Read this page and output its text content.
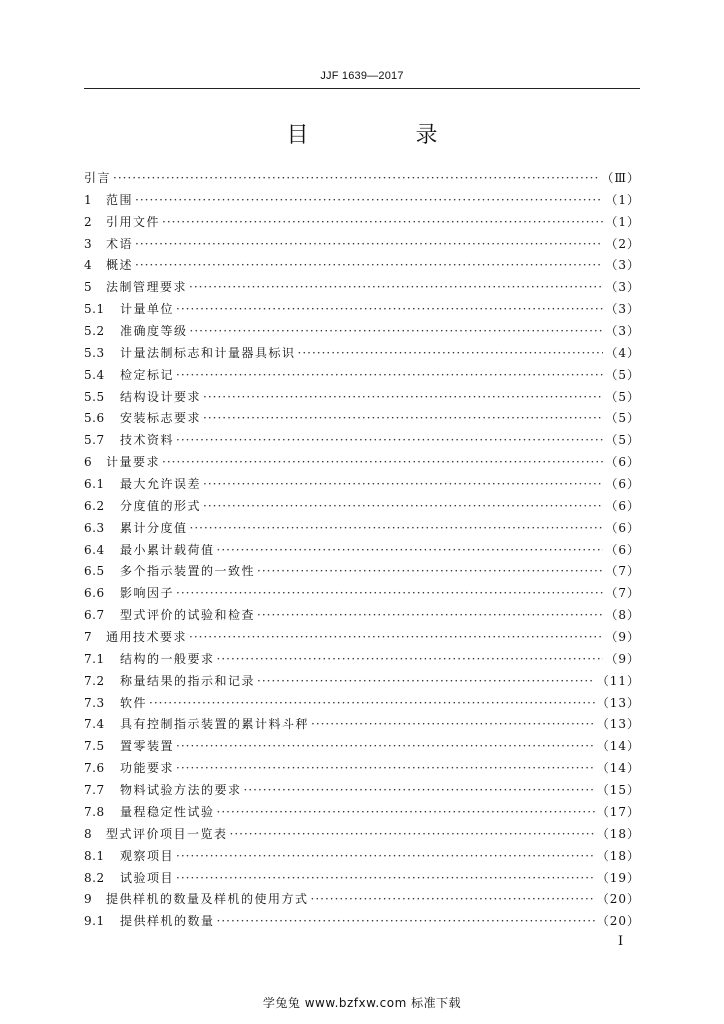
JJF 1639—2017
目 录
引言 ·····	（Ⅲ）
1	范围 ·····	（1）
2	引用文件 ·····	（1）
3	术语 ·····	（2）
4	概述 ·····	（3）
5	法制管理要求 ·····	（3）
5.1	计量单位 ·····	（3）
5.2	准确度等级 ·····	（3）
5.3	计量法制标志和计量器具标识 ·····	（4）
5.4	检定标记 ·····	（5）
5.5	结构设计要求 ·····	（5）
5.6	安装标志要求 ·····	（5）
5.7	技术资料 ·····	（5）
6	计量要求 ·····	（6）
6.1	最大允许误差 ·····	（6）
6.2	分度值的形式 ·····	（6）
6.3	累计分度值 ·····	（6）
6.4	最小累计载荷值 ·····	（6）
6.5	多个指示装置的一致性 ·····	（7）
6.6	影响因子 ·····	（7）
6.7	型式评价的试验和检查 ·····	（8）
7	通用技术要求 ·····	（9）
7.1	结构的一般要求 ·····	（9）
7.2	称量结果的指示和记录 ·····	（11）
7.3	软件 ·····	（13）
7.4	具有控制指示装置的累计料斗秤 ·····	（13）
7.5	置零装置 ·····	（14）
7.6	功能要求 ·····	（14）
7.7	物料试验方法的要求 ·····	（15）
7.8	量程稳定性试验 ·····	（17）
8	型式评价项目一览表 ·····	（18）
8.1	观察项目 ·····	（18）
8.2	试验项目 ·····	（19）
9	提供样机的数量及样机的使用方式 ·····	（20）
9.1	提供样机的数量 ·····	（20）
I
学兔兔 www.bzfxw.com 标准下载
